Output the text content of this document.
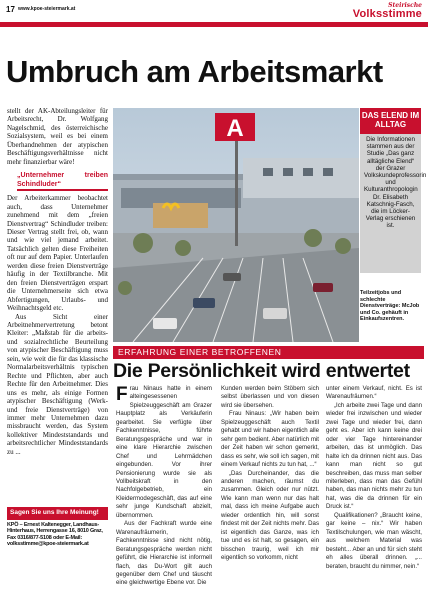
17 www.kpoe-steiermark.at	Steirische
Volksstimme
Umbruch am Arbeitsmarkt

stellt der AK-Abteilungsleiter für Arbeitsrecht, Dr. Wolfgang Nagelschmid, des österreichische Sozialsystem, weil es bei einem Überhandnehmen der atypischen Beschäftigungsverhältnisse nicht mehr finanzierbar wäre!

„Unternehmer treiben Schindluder“

Der Arbeiterkammer beobachtet auch, dass Unternehmer zunehmend mit dem „freien Dienstvertrag“ Schindluder treiben: Dieser Vertrag stellt frei, ob, wann und wie viel jemand arbeitet. Tatsächlich gelten diese Freiheiten oft nur auf dem Papier. Unterlaufen werden diese freien Dienstverträge häufig in der Textilbranche. Mit den freien Dienstverträgen erspart die Unternehmerseite sich etwa Abfertigungen, Urlaubs- und Weihnachtsgeld etc.

Aus Sicht einer Arbeitnehmervertretung betont Kleiter: „Maßstab für die arbeits- und sozialrechtliche Beurteilung von atypischer Beschäftigung muss sein, wie weit die für das klassische Normalarbeitsverhältnis typischen Rechte und Pflichten, aber auch Rechte für den Arbeitnehmer. Dies uns es mehr, als einige Formen atypischer Beschäftigung (Werk- und freie Dienstverträge) von immer mehr Unternehmen dazu missbraucht werden, das System kollektiver Mindeststandards und arbeitsrechtlicher Mindeststandards zu ...

Sagen Sie uns Ihre Meinung!
KPÖ – Ernest Kaltenegger, Landhaus-Hinterhaus, Herrengasse 16, 8010 Graz, Fax 0316/877-5108 oder E-Mail: volksstimme@kpoe-steiermark.at
A	DAS ELEND IM ALLTAG
Die Informationen stammen aus der Studie „Das ganz alltägliche Elend“ der Grazer Volkskundeprofessorin und Kulturanthropologin Dr. Elisabeth Katschnig-Fasch, die im Löcker-Verlag erschienen ist.
Teilzeitjobs und schlechte Dienstverträge: McJob und Co. gehäuft in Einkaufszentren.
ERFAHRUNG EINER BETROFFENEN
Die Persönlichkeit wird entwertet

Frau Ninaus hatte in einem alteingesessenen Spielzeuggeschäft am Grazer Hauptplatz als Verkäuferin gearbeitet. Sie verfügte über Fachkenntnisse, führte Beratungsgespräche und war in eine klare Hierarchie zwischen Chef und Lehrmädchen eingebunden. Vor ihrer Pensionierung wurde sie als Vollbeitskraft in den Nachfolgebetrieb, ein Kleidermodegeschäft, das auf eine sehr junge Kundschaft abzielt, übernommen.

Aus der Fachkraft wurde eine Warenaufräumerin, Fachkenntnisse sind nicht nötig, Beratungsgespräche werden nicht geführt, die Hierarchie ist informell flach, das Du-Wort gilt auch gegenüber dem Chef und täuscht eine gleichwertige Ebene vor. Die

Kunden werden beim Stöbern sich selbst überlassen und von diesen wird sie übersehen.

Frau Ninaus: „Wir haben beim Spielzeuggeschäft auch Textil gehabt und wir haben eigentlich alle sehr gern bedient. Aber natürlich mit der Zeit haben wir schon gemerkt, dass es sehr, wie soll ich sagen, mit einem Verkauf nichts zu tun hat, ...“

„Das Durcheinander, das die anderen machen, räumst du zusammen. Gleich oder nur nützt. Wie kann man wenn nur das halt mal, dass ich meine Aufgabe auch wieder ordentlich hin, will sonst findest mit der Zeit nichts mehr. Das ist eigentlich das Ganze, was ich tue und es ist halt, so gesagen, ein bisschen traurig, weil ich mir eigentlich so vorkomm, nicht

unter einem Verkauf, nicht. Es ist Warenaufräumen.“

„Ich arbeite zwei Tage und dann wieder frei inzwischen und wieder zwei Tage und wieder frei, dann geht es. Aber ich kann keine drei oder vier Tage hintereinander arbeiten, das ist unmöglich. Das halte ich da drinnen nicht aus. Das kann man nicht so gut beschreiben, das muss man selber miterleben, dass man das Gefühl haben, das man nichts mehr zu tun hat, was die da drinnen für ein Druck ist.“

Qualifikationen? „Braucht keine, gar keine – nix.“ Wir haben Textilschulungen, wie man wäscht, aus welchem Material was besteht... Aber an und für sich steht eh alles überall drinnen. „... beraten, braucht du nimmer, nein.“
